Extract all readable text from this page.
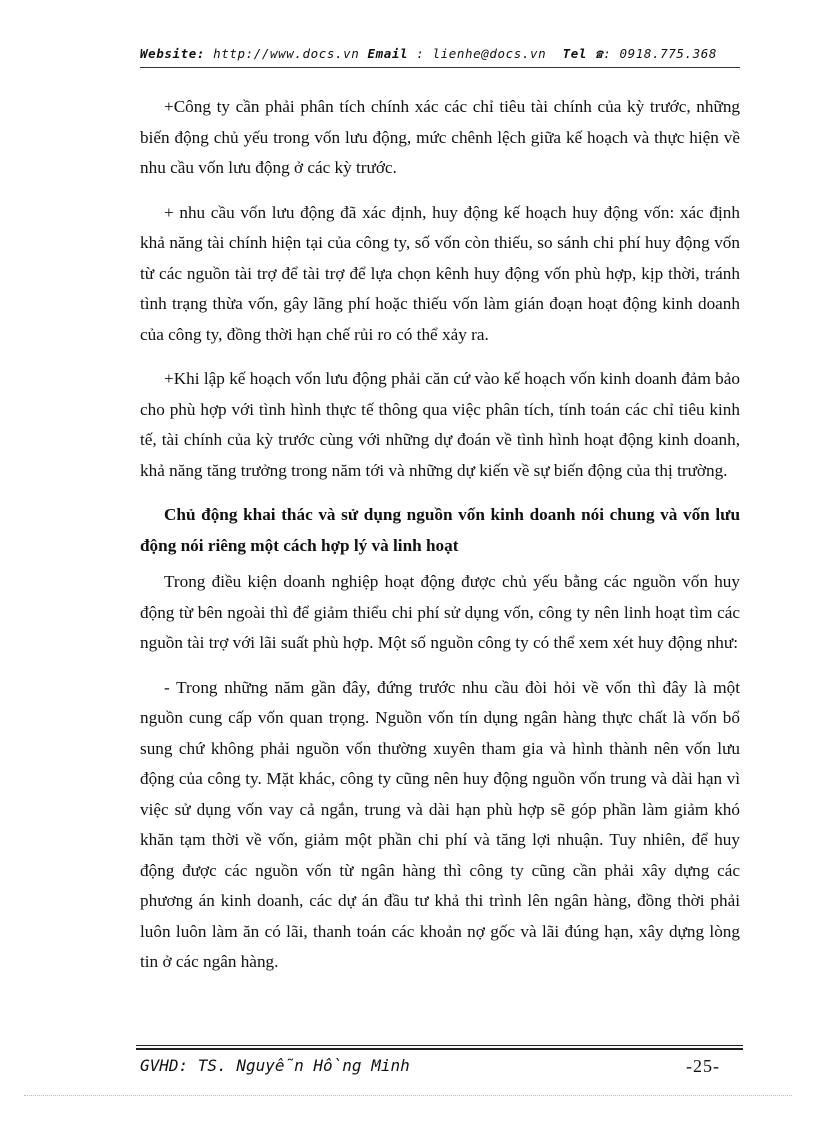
Website: http://www.docs.vn Email : lienhe@docs.vn  Tel ☎: 0918.775.368

+Công ty cần phải phân tích chính xác các chỉ tiêu tài chính của kỳ trước, những biến động chủ yếu trong vốn lưu động, mức chênh lệch giữa kế hoạch và thực hiện về nhu cầu vốn lưu động ở các kỳ trước.

+ nhu cầu vốn lưu động đã xác định, huy động kế hoạch huy động vốn: xác định khả năng tài chính hiện tại của công ty, số vốn còn thiếu, so sánh chi phí huy động vốn từ các nguồn tài trợ để tài trợ để lựa chọn kênh huy động vốn phù hợp, kịp thời, tránh tình trạng thừa vốn, gây lãng phí hoặc thiếu vốn làm gián đoạn hoạt động kinh doanh của công ty, đồng thời hạn chế rủi ro có thể xảy ra.

+Khi lập kế hoạch vốn lưu động phải căn cứ vào kế hoạch vốn kinh doanh đảm bảo cho phù hợp với tình hình thực tế thông qua việc phân tích, tính toán các chỉ tiêu kinh tế, tài chính của kỳ trước cùng với những dự đoán về tình hình hoạt động kinh doanh, khả năng tăng trưởng trong năm tới và những dự kiến về sự biến động của thị trường.

Chủ động khai thác và sử dụng nguồn vốn kinh doanh nói chung và vốn lưu động nói riêng một cách hợp lý và linh hoạt

Trong điều kiện doanh nghiệp hoạt động được chủ yếu bằng các nguồn vốn huy động từ bên ngoài thì để giảm thiểu chi phí sử dụng vốn, công ty nên linh hoạt tìm các nguồn tài trợ với lãi suất phù hợp. Một số nguồn công ty có thể xem xét huy động như:

- Trong những năm gần đây, đứng trước nhu cầu đòi hỏi về vốn thì đây là một nguồn cung cấp vốn quan trọng. Nguồn vốn tín dụng ngân hàng thực chất là vốn bổ sung chứ không phải nguồn vốn thường xuyên tham gia và hình thành nên vốn lưu động của công ty. Mặt khác, công ty cũng nên huy động nguồn vốn trung và dài hạn vì việc sử dụng vốn vay cả ngắn, trung và dài hạn phù hợp sẽ góp phần làm giảm khó khăn tạm thời về vốn, giảm một phần chi phí và tăng lợi nhuận. Tuy nhiên, để huy động được các nguồn vốn từ ngân hàng thì công ty cũng cần phải xây dựng các phương án kinh doanh, các dự án đầu tư khả thi trình lên ngân hàng, đồng thời phải luôn luôn làm ăn có lãi, thanh toán các khoản nợ gốc và lãi đúng hạn, xây dựng lòng tin ở các ngân hàng.

GVHD: TS. Nguyễn Hồng Minh	-25-
